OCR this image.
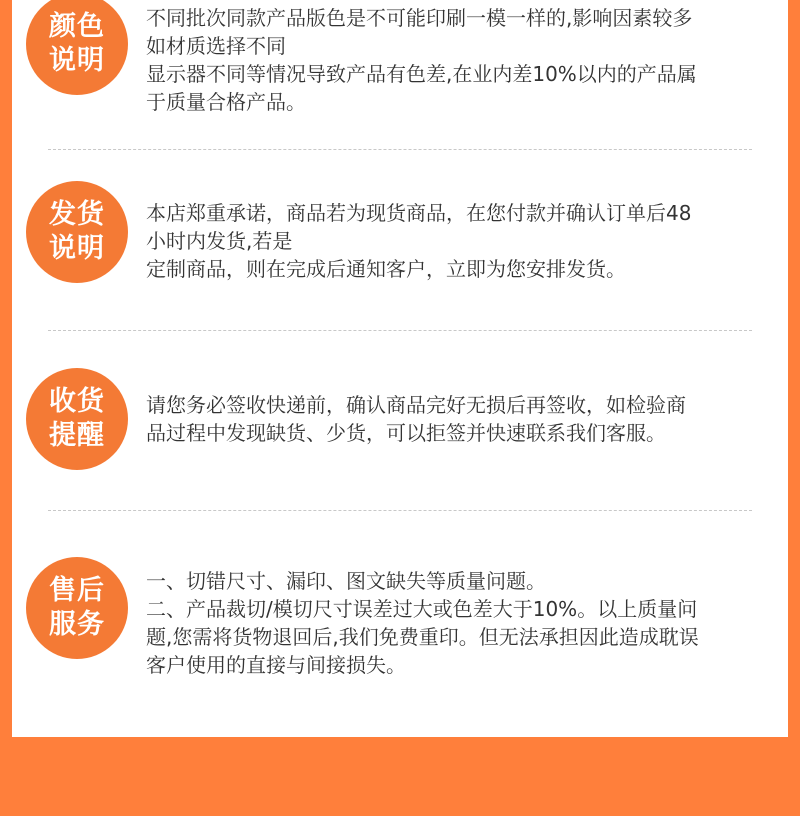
颜色
说明
不同批次同款产品版色是不可能印刷一模一样的,影响因素较多
如材质选择不同
显示器不同等情况导致产品有色差,在业内差10%以内的产品属
于质量合格产品。
发货
说明
本店郑重承诺，商品若为现货商品，在您付款并确认订单后48
小时内发货,若是
定制商品，则在完成后通知客户，立即为您安排发货。
收货
提醒
请您务必签收快递前，确认商品完好无损后再签收，如检验商
品过程中发现缺货、少货，可以拒签并快速联系我们客服。
售后
服务
一、切错尺寸、漏印、图文缺失等质量问题。
二、产品裁切/模切尺寸误差过大或色差大于10%。以上质量问
题,您需将货物退回后,我们免费重印。但无法承担因此造成耽误
客户使用的直接与间接损失。
